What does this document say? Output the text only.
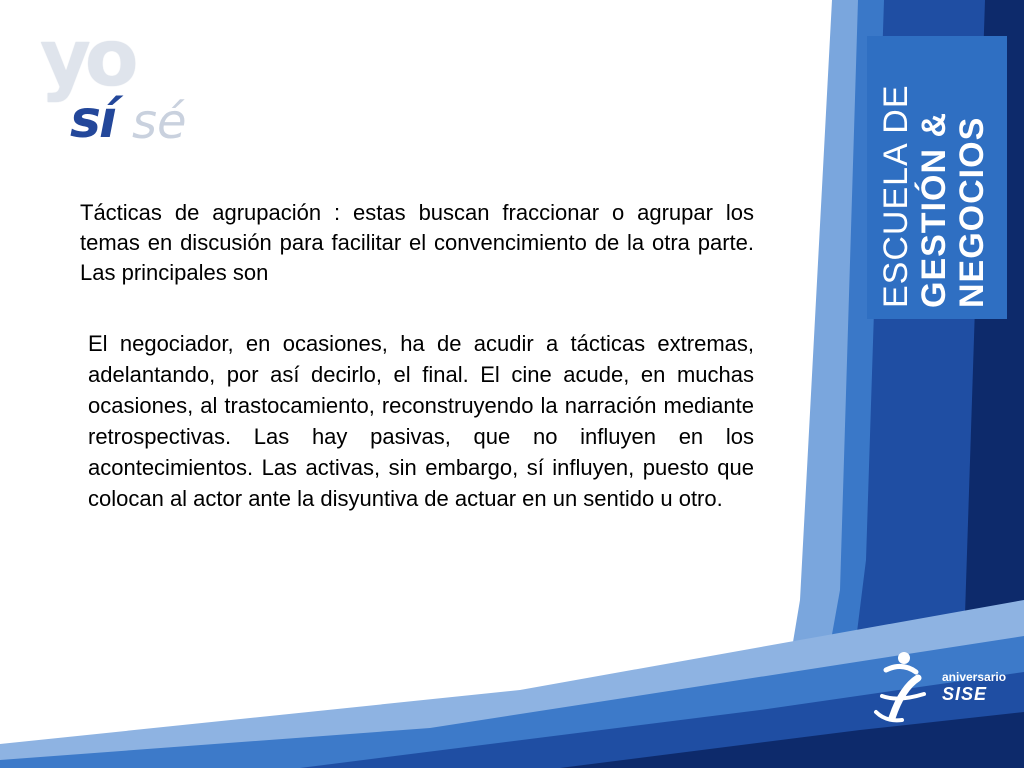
yo
sí sé
Tácticas de agrupación : estas buscan fraccionar o agrupar los temas en discusión para facilitar el convencimiento de la otra parte. Las principales son
El negociador, en ocasiones, ha de acudir a tácticas extremas, adelantando, por así decirlo, el final. El cine acude, en muchas ocasiones, al trastocamiento, reconstruyendo la narración mediante retrospectivas. Las hay pasivas, que no influyen en los acontecimientos. Las activas, sin embargo, sí influyen, puesto que colocan al actor ante la disyuntiva de actuar en un sentido u otro.
ESCUELA DE GESTIÓN & NEGOCIOS
aniversario
SISE
